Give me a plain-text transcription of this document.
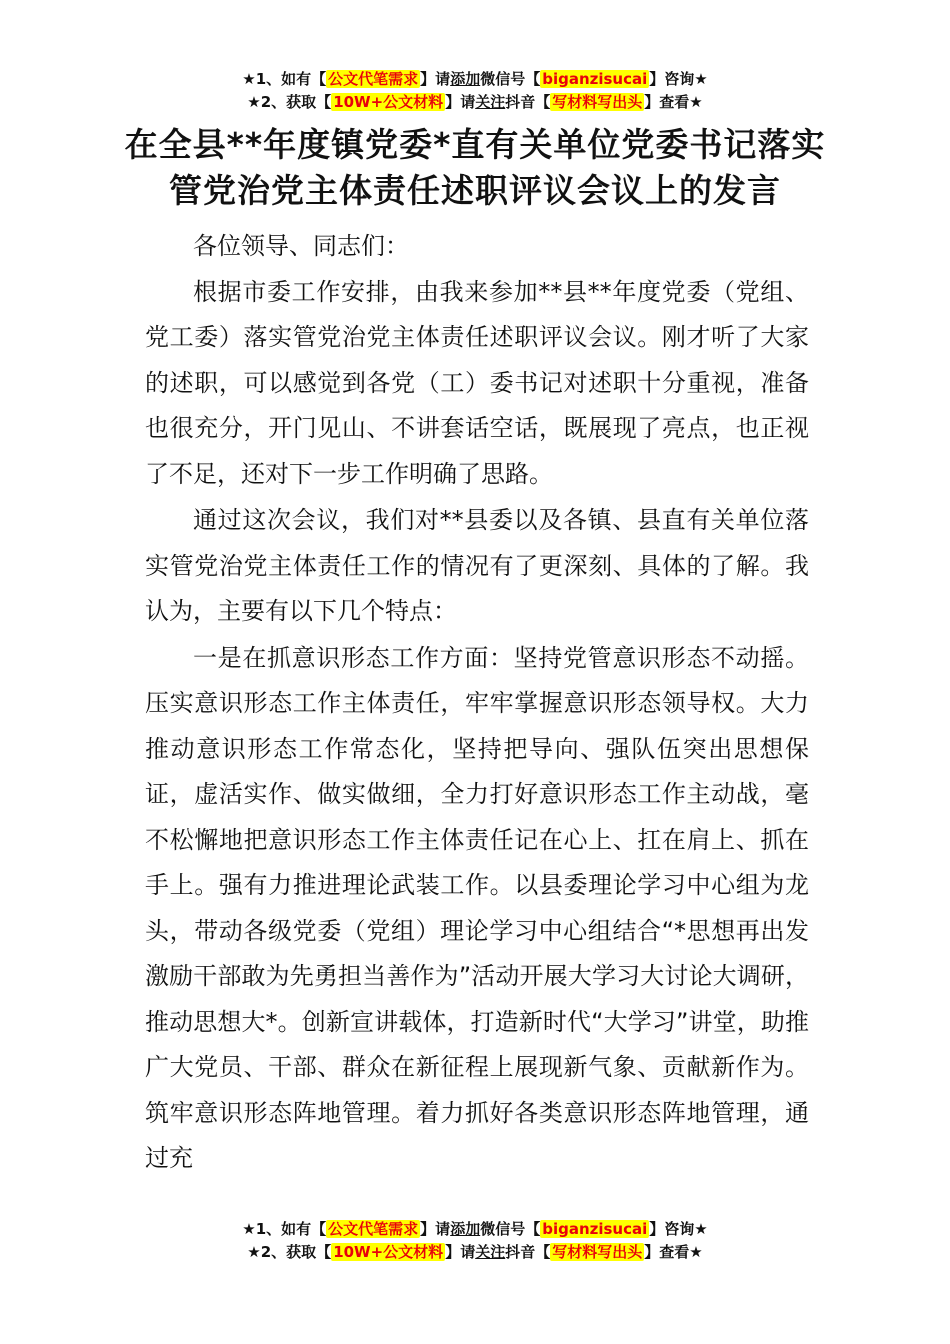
★1、如有【 公文代笔需求 】请添加微信号【 biganzisucai 】咨询★
★2、获取【 10W+公文材料 】请关注抖音【 写材料写出头 】查看★
在全县**年度镇党委*直有关单位党委书记落实管党治党主体责任述职评议会议上的发言

各位领导、同志们：

根据市委工作安排，由我来参加**县**年度党委（党组、党工委）落实管党治党主体责任述职评议会议。刚才听了大家的述职，可以感觉到各党（工）委书记对述职十分重视，准备也很充分，开门见山、不讲套话空话，既展现了亮点，也正视了不足，还对下一步工作明确了思路。

通过这次会议，我们对**县委以及各镇、县直有关单位落实管党治党主体责任工作的情况有了更深刻、具体的了解。我认为，主要有以下几个特点：

一是在抓意识形态工作方面：坚持党管意识形态不动摇。压实意识形态工作主体责任，牢牢掌握意识形态领导权。大力推动意识形态工作常态化，坚持把导向、强队伍突出思想保证，虚活实作、做实做细，全力打好意识形态工作主动战，毫不松懈地把意识形态工作主体责任记在心上、扛在肩上、抓在手上。强有力推进理论武装工作。以县委理论学习中心组为龙头，带动各级党委（党组）理论学习中心组结合“*思想再出发激励干部敢为先勇担当善作为”活动开展大学习大讨论大调研，推动思想大*。创新宣讲载体，打造新时代“大学习”讲堂，助推广大党员、干部、群众在新征程上展现新气象、贡献新作为。筑牢意识形态阵地管理。着力抓好各类意识形态阵地管理，通过充

★1、如有【 公文代笔需求 】请添加微信号【 biganzisucai 】咨询★
★2、获取【 10W+公文材料 】请关注抖音【 写材料写出头 】查看★
